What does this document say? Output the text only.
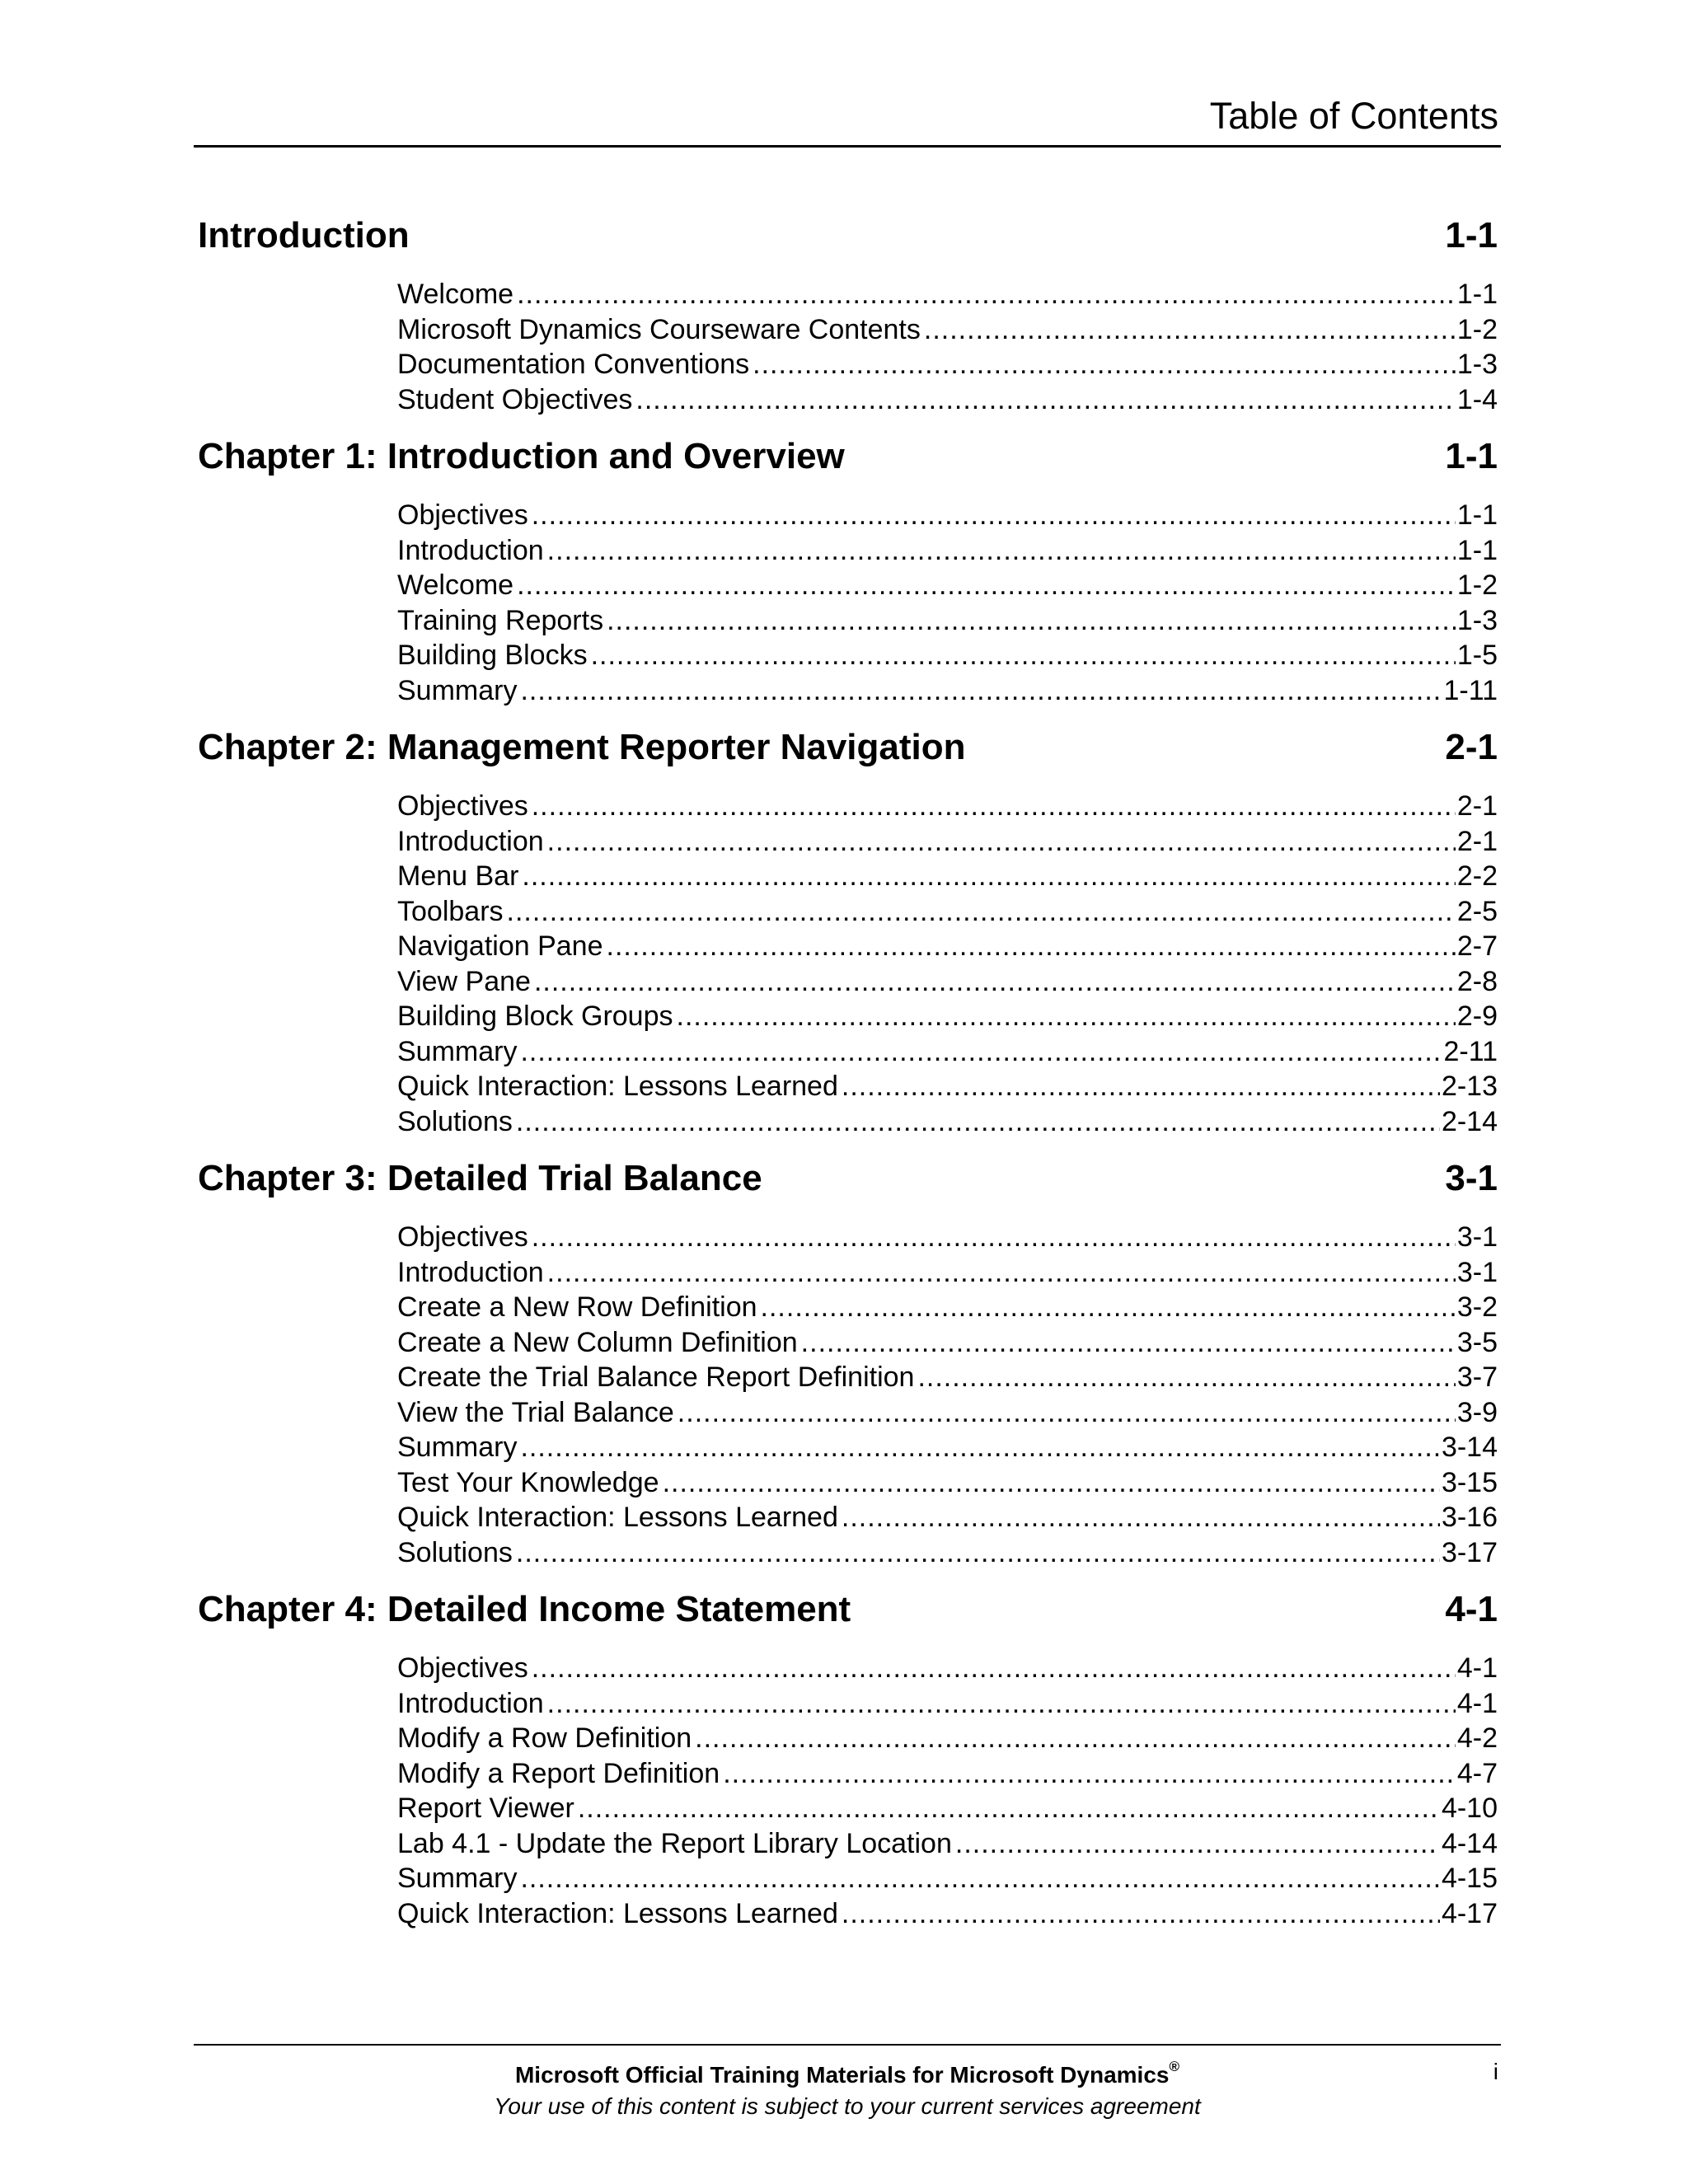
Table of Contents
Introduction	1-1
Welcome .....	1-1
Microsoft Dynamics Courseware Contents .....	1-2
Documentation Conventions .....	1-3
Student Objectives .....	1-4
Chapter 1: Introduction and Overview	1-1
Objectives .....	1-1
Introduction .....	1-1
Welcome .....	1-2
Training Reports .....	1-3
Building Blocks .....	1-5
Summary .....	1-11
Chapter 2: Management Reporter Navigation	2-1
Objectives .....	2-1
Introduction .....	2-1
Menu Bar .....	2-2
Toolbars .....	2-5
Navigation Pane .....	2-7
View Pane .....	2-8
Building Block Groups .....	2-9
Summary .....	2-11
Quick Interaction: Lessons Learned .....	2-13
Solutions .....	2-14
Chapter 3: Detailed Trial Balance	3-1
Objectives .....	3-1
Introduction .....	3-1
Create a New Row Definition .....	3-2
Create a New Column Definition .....	3-5
Create the Trial Balance Report Definition .....	3-7
View the Trial Balance .....	3-9
Summary .....	3-14
Test Your Knowledge .....	3-15
Quick Interaction: Lessons Learned .....	3-16
Solutions .....	3-17
Chapter 4: Detailed Income Statement	4-1
Objectives .....	4-1
Introduction .....	4-1
Modify a Row Definition .....	4-2
Modify a Report Definition .....	4-7
Report Viewer .....	4-10
Lab 4.1 - Update the Report Library Location .....	4-14
Summary .....	4-15
Quick Interaction: Lessons Learned .....	4-17
Microsoft Official Training Materials for Microsoft Dynamics®
Your use of this content is subject to your current services agreement
i
